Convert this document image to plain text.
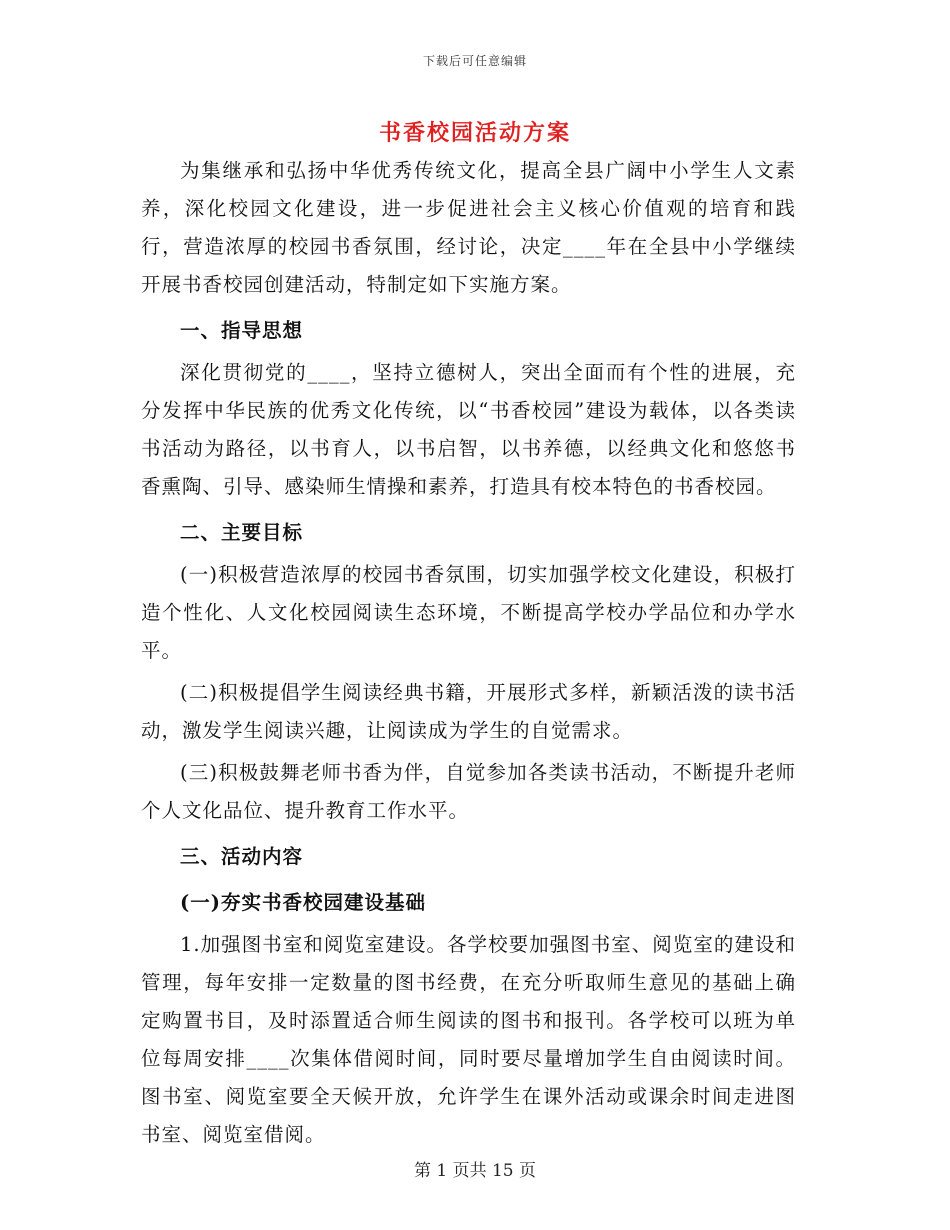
下载后可任意编辑
书香校园活动方案

为集继承和弘扬中华优秀传统文化，提高全县广阔中小学生人文素养，深化校园文化建设，进一步促进社会主义核心价值观的培育和践行，营造浓厚的校园书香氛围，经讨论，决定____年在全县中小学继续开展书香校园创建活动，特制定如下实施方案。

一、指导思想

深化贯彻党的____，坚持立德树人，突出全面而有个性的进展，充分发挥中华民族的优秀文化传统，以“书香校园”建设为载体，以各类读书活动为路径，以书育人，以书启智，以书养德，以经典文化和悠悠书香熏陶、引导、感染师生情操和素养，打造具有校本特色的书香校园。

二、主要目标

(一)积极营造浓厚的校园书香氛围，切实加强学校文化建设，积极打造个性化、人文化校园阅读生态环境，不断提高学校办学品位和办学水平。

(二)积极提倡学生阅读经典书籍，开展形式多样，新颖活泼的读书活动，激发学生阅读兴趣，让阅读成为学生的自觉需求。

(三)积极鼓舞老师书香为伴，自觉参加各类读书活动，不断提升老师个人文化品位、提升教育工作水平。

三、活动内容

(一)夯实书香校园建设基础

1.加强图书室和阅览室建设。各学校要加强图书室、阅览室的建设和管理，每年安排一定数量的图书经费，在充分听取师生意见的基础上确定购置书目，及时添置适合师生阅读的图书和报刊。各学校可以班为单位每周安排____次集体借阅时间，同时要尽量增加学生自由阅读时间。图书室、阅览室要全天候开放，允许学生在课外活动或课余时间走进图书室、阅览室借阅。

第 1 页共 15 页
